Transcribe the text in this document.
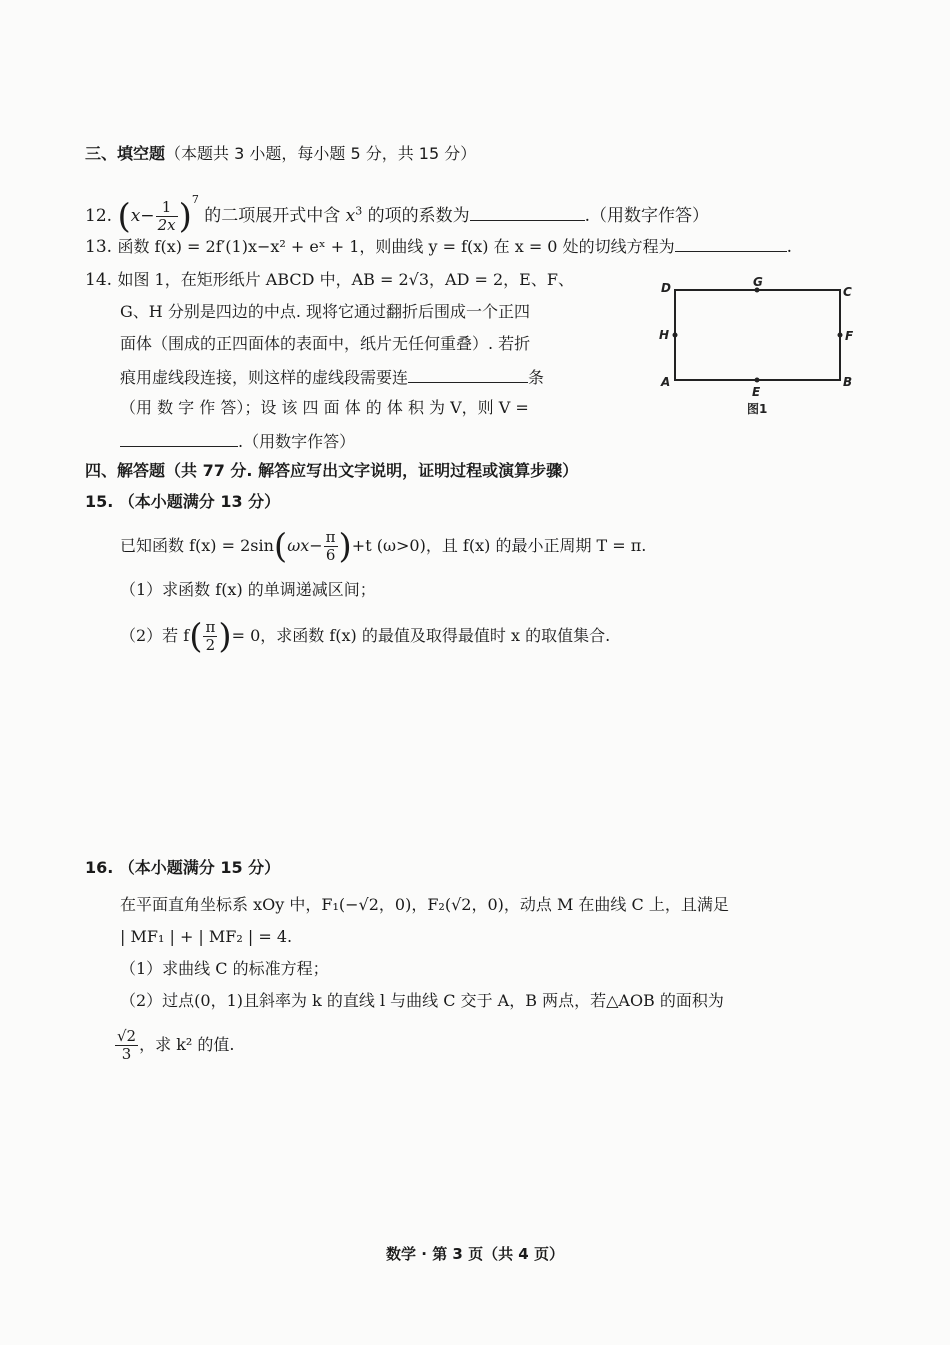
三、填空题（本题共 3 小题，每小题 5 分，共 15 分）
12. $(x- \frac{1}{2x} )^7$ 的二项展开式中含 $x^3$ 的项的系数为	.（用数字作答）
13. 函数 f(x) = 2f′(1)x−x² + eˣ + 1，则曲线 y = f(x) 在 x = 0 处的切线方程为	.
14. 如图 1，在矩形纸片 ABCD 中，AB = 2√3，AD = 2，E、F、
G、H 分别是四边的中点. 现将它通过翻折后围成一个正四
面体（围成的正四面体的表面中，纸片无任何重叠）. 若折
痕用虚线段连接，则这样的虚线段需要连	条
（用 数 字 作 答）；设 该 四 面 体 的 体 积 为 V，则 V =
.（用数字作答）
D	C
A	B
G
E
H	F
图1
四、解答题（共 77 分. 解答应写出文字说明，证明过程或演算步骤）
15. （本小题满分 13 分）
已知函数 $f(x) = 2\sin(\omega x- \frac{\pi}{6} )+t$ (ω>0)，且 f(x) 的最小正周期 T = π.
（1）求函数 f(x) 的单调递减区间；
（2）若 $f( \frac{\pi}{2}$ )= 0，求函数 f(x) 的最值及取得最值时 x 的取值集合.
16. （本小题满分 15 分）
在平面直角坐标系 xOy 中，F₁(−√2，0)，F₂(√2，0)，动点 M 在曲线 C 上，且满足
| MF₁ | + | MF₂ | = 4.
（1）求曲线 C 的标准方程；
（2）过点(0，1)且斜率为 k 的直线 l 与曲线 C 交于 A，B 两点，若△AOB 的面积为
$\frac{√2}{3}$ ，求 k² 的值.
数学 · 第 3 页（共 4 页）
